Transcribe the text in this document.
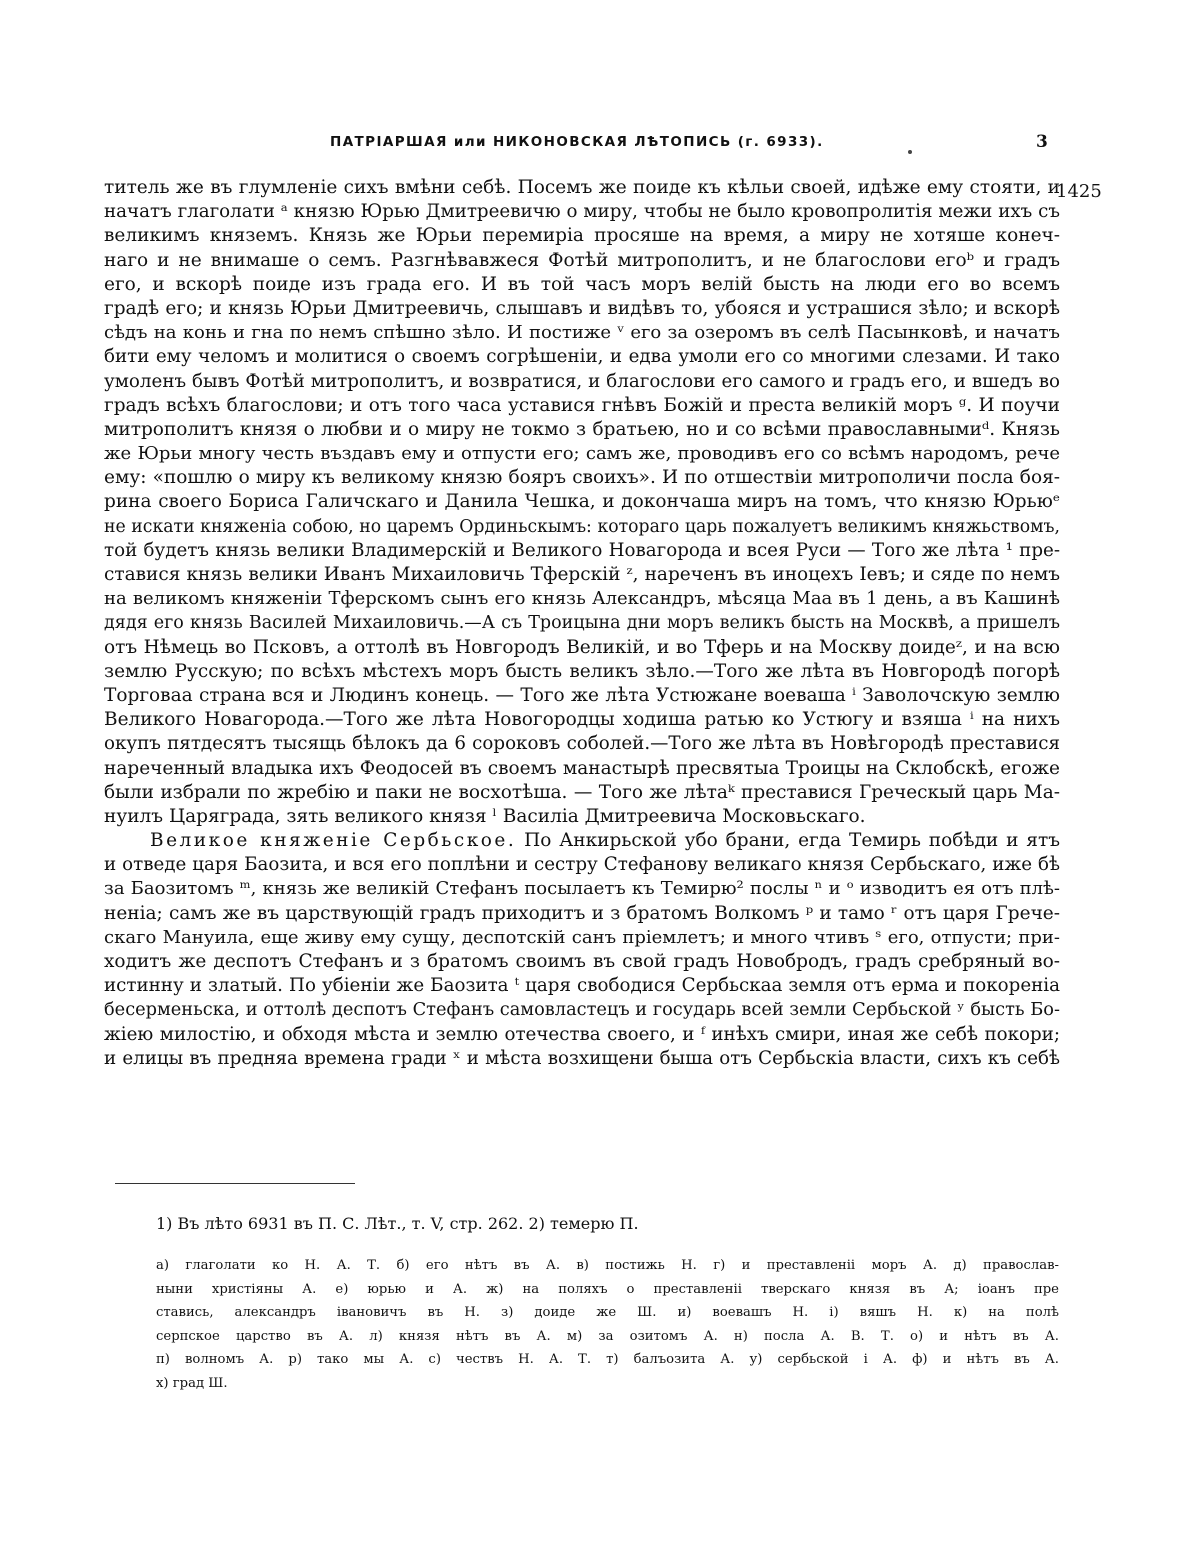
ПАТРІАРШАЯ или НИКОНОВСКАЯ ЛѢТОПИСЬ (г. 6933).	3
1425
титель же въ глумленіе сихъ вмѣни себѣ. Посемъ же поиде къ кѣльи своей, идѣже ему стояти, и
начатъ глаголати ᵃ князю Юрью Дмитреевичю о миру, чтобы не было кровопролитія межи ихъ съ
великимъ княземъ. Князь же Юрьи перемиріа просяше на время, а миру не хотяше конеч-
наго и не внимаше о семъ. Разгнѣвавжеся Фотѣй митрополитъ, и не благослови егоᵇ и градъ
его, и вскорѣ поиде изъ града его. И въ той часъ моръ велій бысть на люди его во всемъ
градѣ его; и князь Юрьи Дмитреевичь, слышавъ и видѣвъ то, убояся и устрашися зѣло; и вскорѣ
сѣдъ на конь и гна по немъ спѣшно зѣло. И постиже ᵛ его за озеромъ въ селѣ Пасынковѣ, и начатъ
бити ему челомъ и молитися о своемъ согрѣшеніи, и едва умоли его со многими слезами. И тако
умоленъ бывъ Фотѣй митрополитъ, и возвратися, и благослови его самого и градъ его, и вшедъ во
градъ всѣхъ благослови; и отъ того часа уставися гнѣвъ Божій и преста великій моръ ᵍ. И поучи
митрополитъ князя о любви и о миру не токмо з братьею, но и со всѣми православнымиᵈ. Князь
же Юрьи многу честь въздавъ ему и отпусти его; самъ же, проводивъ его со всѣмъ народомъ, рече
ему: «пошлю о миру къ великому князю бояръ своихъ». И по отшествіи митрополичи посла боя-
рина своего Бориса Галичскаго и Данила Чешка, и докончаша миръ на томъ, что князю Юрьюᵉ
не искати княженіа собою, но царемъ Ординьскымъ: котораго царь пожалуетъ великимъ княжьствомъ,
той будетъ князь велики Владимерскій и Великого Новагорода и всея Руси — Того же лѣта ¹ пре-
ставися князь велики Иванъ Михаиловичь Тферскій ᶻ, нареченъ въ иноцехъ Іевъ; и сяде по немъ
на великомъ княженіи Тферскомъ сынъ его князь Александръ, мѣсяца Маа въ 1 день, а въ Кашинѣ
дядя его князь Василей Михаиловичь.—А съ Троицына дни моръ великъ бысть на Москвѣ, а пришелъ
отъ Нѣмець во Псковъ, а оттолѣ въ Новгородъ Великій, и во Тферь и на Москву доидеᶻ, и на всю
землю Русскую; по всѣхъ мѣстехъ моръ бысть великъ зѣло.—Того же лѣта въ Новгородѣ погорѣ
Торговаа страна вся и Людинъ конець. — Того же лѣта Устюжане воеваша ⁱ Заволочскую землю
Великого Новагорода.—Того же лѣта Новогородцы ходиша ратью ко Устюгу и взяша ⁱ на нихъ
окупъ пятдесятъ тысящь бѣлокъ да 6 сороковъ соболей.—Того же лѣта въ Новѣгородѣ преставися
нареченный владыка ихъ Феодосей въ своемъ манастырѣ пресвятыа Троицы на Склобскѣ, егоже
были избрали по жребію и паки не восхотѣша. — Того же лѣтаᵏ преставися Греческый царь Ма-
нуилъ Царяграда, зять великого князя ˡ Василіа Дмитреевича Московьскаго.
Великое княженіе Сербьское. По Анкирьской убо брани, егда Темирь побѣди и ятъ
и отведе царя Баозита, и вся его поплѣни и сестру Стефанову великаго князя Сербьскаго, иже бѣ
за Баозитомъ ᵐ, князь же великій Стефанъ посылаетъ къ Темирю² послы ⁿ и ᵒ изводитъ ея отъ плѣ-
неніа; самъ же въ царствующій градъ приходитъ и з братомъ Волкомъ ᵖ и тамо ʳ отъ царя Грече-
скаго Мануила, еще живу ему сущу, деспотскій санъ пріемлетъ; и много чтивъ ˢ его, отпусти; при-
ходитъ же деспотъ Стефанъ и з братомъ своимъ въ свой градъ Новобродъ, градъ сребряный во-
истинну и златый. По убіеніи же Баозита ᵗ царя свободися Сербьскаа земля отъ ерма и покореніа
бесерменьска, и оттолѣ деспотъ Стефанъ самовластецъ и государь всей земли Сербьской ʸ бысть Бо-
жіею милостію, и обходя мѣста и землю отечества своего, и ᶠ инѣхъ смири, иная же себѣ покори;
и елицы въ предняа времена гради ˣ и мѣста возхищени быша отъ Сербьскіа власти, сихъ къ себѣ
1) Въ лѣто 6931 въ П. С. Лѣт., т. V, стр. 262. 2) темерю П.
а) глаголати ко Н. А. Т. б) его нѣтъ въ А. в) постижь Н. г) и преставленіі моръ А. д) православ-
ныни христіяны А. е) юрью и А. ж) на поляхъ о преставленіі тверскаго князя въ А; іоанъ пре
ставись, александръ івановичъ въ Н. з) доиде же Ш. и) воевашъ Н. і) вяшъ Н. к) на полѣ
серпское царство въ А. л) князя нѣтъ въ А. м) за озитомъ А. н) посла А. В. Т. о) и нѣтъ въ А.
п) волномъ А. р) тако мы А. с) чествъ Н. А. Т. т) балъозита А. у) сербьской і А. ф) и нѣтъ въ А.
х) град Ш.
